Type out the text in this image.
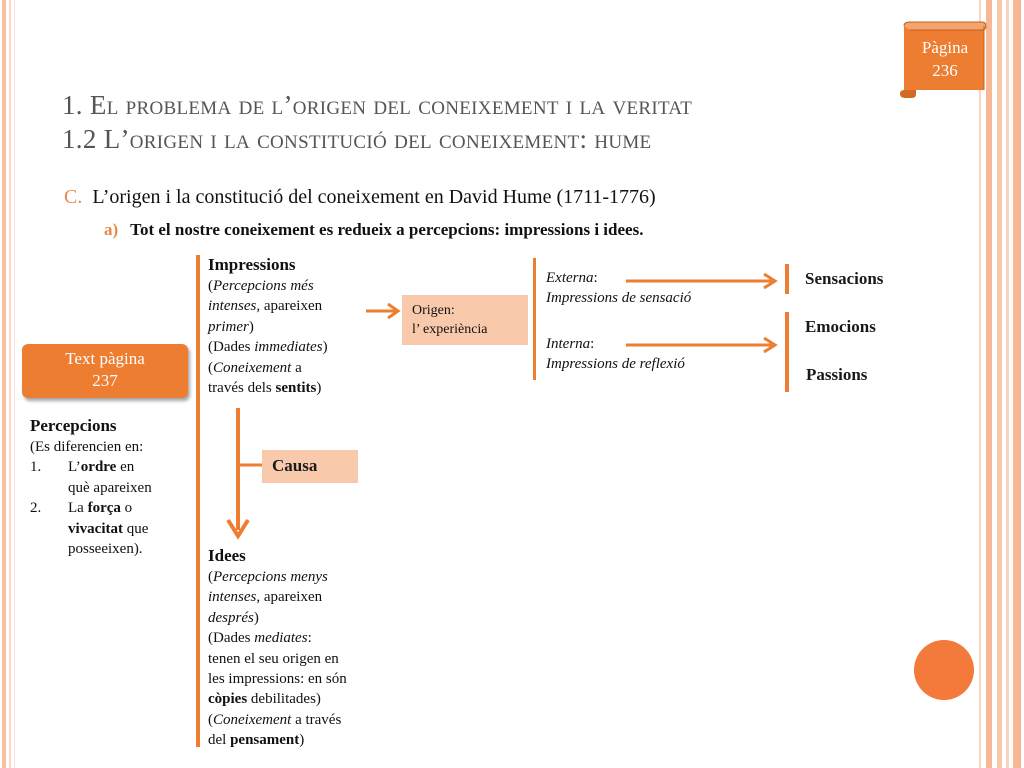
Pàgina
236
1. El problema de l’origen del coneixement i la veritat
1.2 L’origen i la constitució del coneixement: hume
C. L’origen i la constitució del coneixement en David Hume (1711-1776)
a) Tot el nostre coneixement es redueix a percepcions: impressions i idees.
Text pàgina
237
Percepcions
(Es diferencien en:
1. L’ordre en
què apareixen
2. La força o
vivacitat que
posseeixen).
Impressions
(Percepcions més
intenses, apareixen
primer)
(Dades immediates)
(Coneixement a
través dels sentits)
Idees
(Percepcions menys
intenses, apareixen
després)
(Dades mediates:
tenen el seu origen en
les impressions: en són
còpies debilitades)
(Coneixement a través
del pensament)
Causa
Origen:
l’ experiència
Externa:
Impressions de sensació
Interna:
Impressions de reflexió
Sensacions
Emocions
Passions
